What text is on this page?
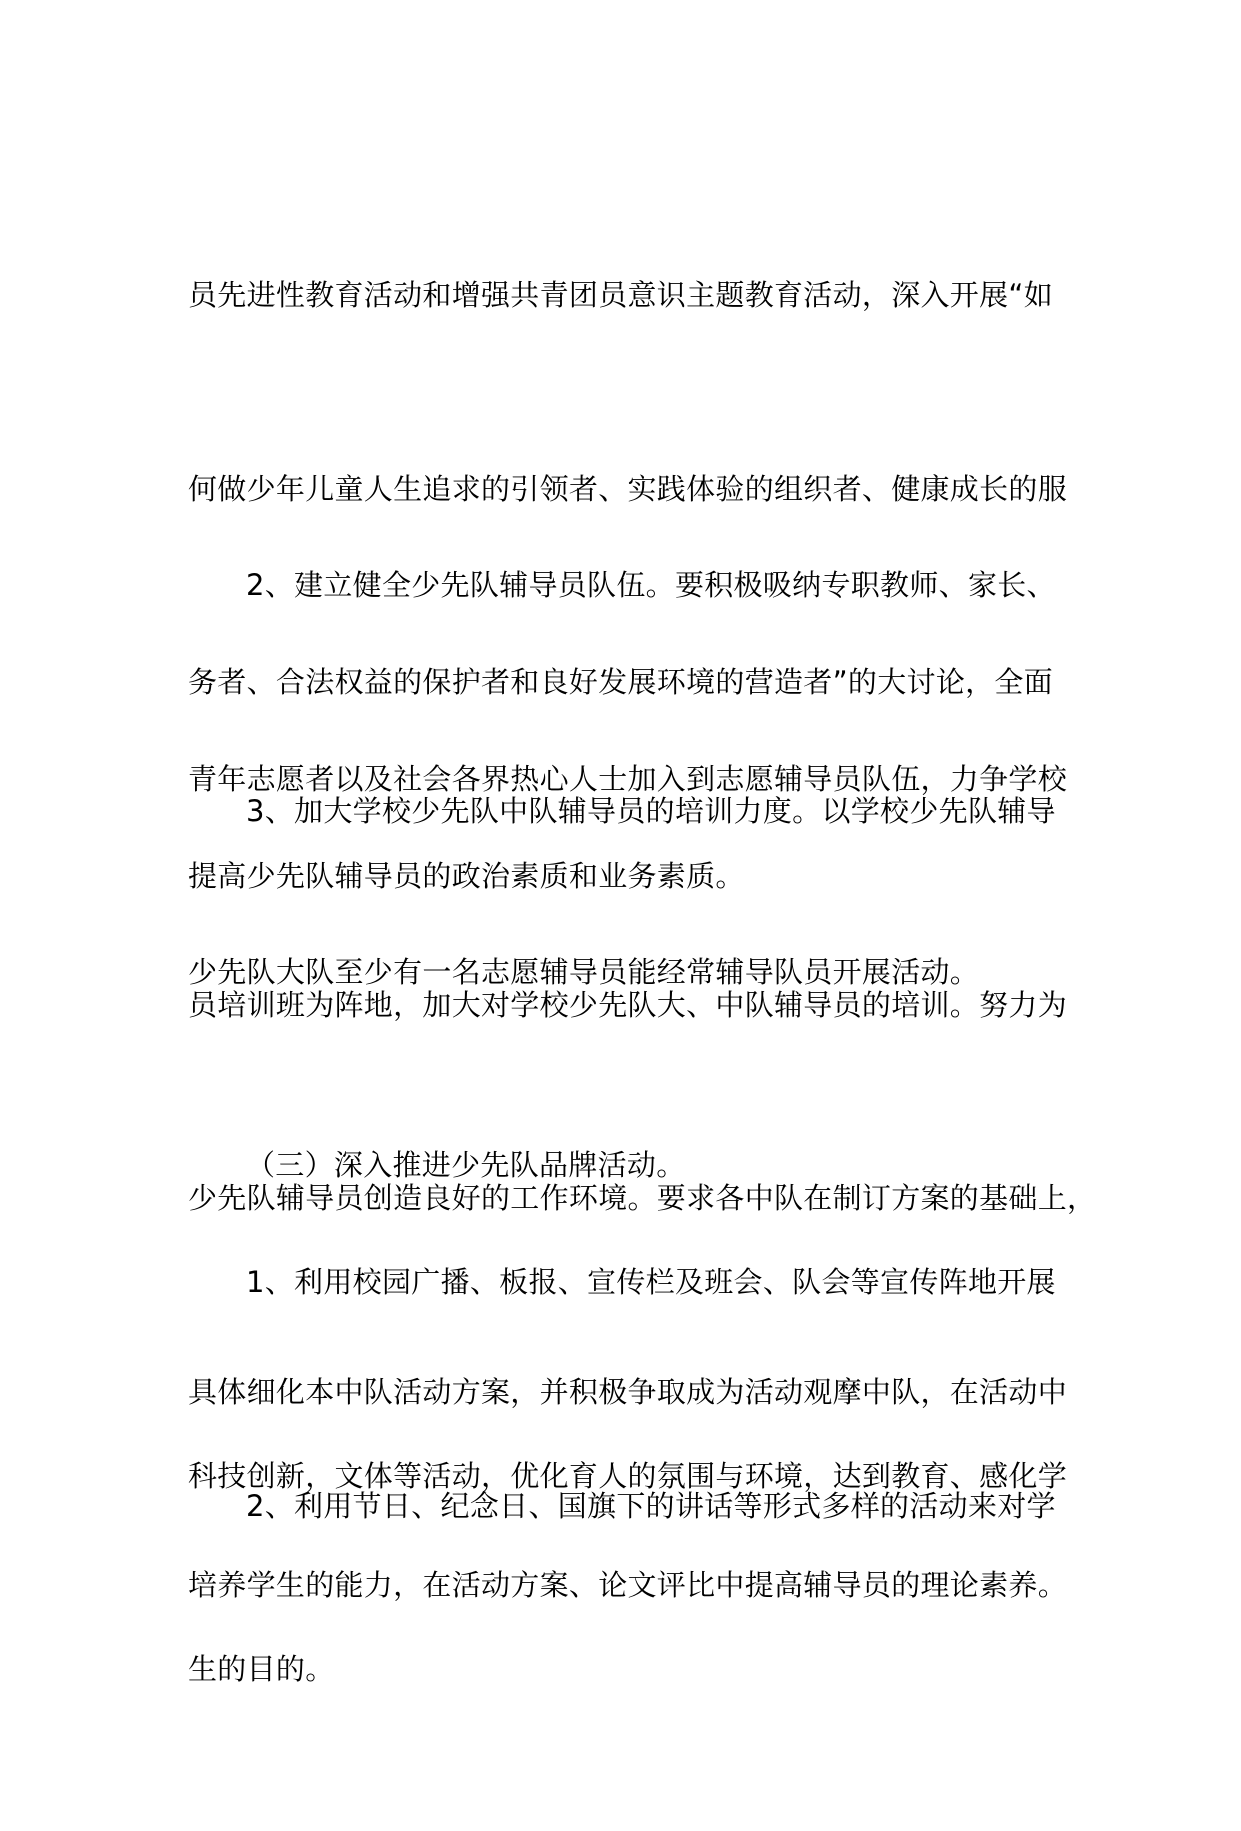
员先进性教育活动和增强共青团员意识主题教育活动，深入开展“如

何做少年儿童人生追求的引领者、实践体验的组织者、健康成长的服

务者、合法权益的保护者和良好发展环境的营造者”的大讨论，全面

提高少先队辅导员的政治素质和业务素质。

2、建立健全少先队辅导员队伍。要积极吸纳专职教师、家长、

青年志愿者以及社会各界热心人士加入到志愿辅导员队伍，力争学校

少先队大队至少有一名志愿辅导员能经常辅导队员开展活动。

3、加大学校少先队中队辅导员的培训力度。以学校少先队辅导

员培训班为阵地，加大对学校少先队大、中队辅导员的培训。努力为

少先队辅导员创造良好的工作环境。要求各中队在制订方案的基础上，

具体细化本中队活动方案，并积极争取成为活动观摩中队，在活动中

培养学生的能力，在活动方案、论文评比中提高辅导员的理论素养。

（三）深入推进少先队品牌活动。

1、利用校园广播、板报、宣传栏及班会、队会等宣传阵地开展

科技创新，文体等活动，优化育人的氛围与环境，达到教育、感化学

生的目的。

2、利用节日、纪念日、国旗下的讲话等形式多样的活动来对学
